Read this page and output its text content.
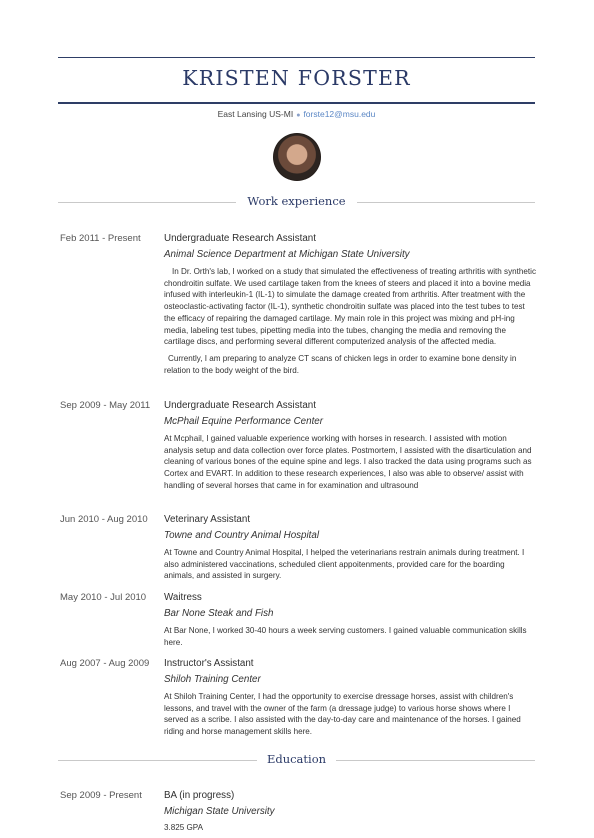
KRISTEN FORSTER
East Lansing US-MI ● forste12@msu.edu
Work experience
Feb 2011 - Present Undergraduate Research Assistant
Animal Science Department at Michigan State University

In Dr. Orth's lab, I worked on a study that simulated the effectiveness of treating arthritis with synthetic chondroitin sulfate. We used cartilage taken from the knees of steers and placed it into a bovine media infused with interleukin-1 (IL-1) to simulate the damage created from arthritis. After treatment with the osteoclastic-activating factor (IL-1), synthetic chondroitin sulfate was placed into the test tubes to test the efficacy of repairing the damaged cartilage. My main role in this project was mixing and pH-ing media, labeling test tubes, pipetting media into the tubes, changing the media and removing the cartilage discs, and performing several different computerized analysis of the affected media.

Currently, I am preparing to analyze CT scans of chicken legs in order to examine bone density in relation to the body weight of the bird.

Sep 2009 - May 2011 Undergraduate Research Assistant
McPhail Equine Performance Center

At Mcphail, I gained valuable experience working with horses in research. I assisted with motion analysis setup and data collection over force plates. Postmortem, I assisted with the disarticulation and cleaning of various bones of the equine spine and legs. I also tracked the data using programs such as Cortex and EVART. In addition to these research experiences, I also was able to observe/ assist with handling of several horses that came in for examination and ultrasound

Jun 2010 - Aug 2010 Veterinary Assistant
Towne and Country Animal Hospital

At Towne and Country Animal Hospital, I helped the veterinarians restrain animals during treatment. I also administered vaccinations, scheduled client appoitenments, provided care for the boarding animals, and assisted in surgery.

May 2010 - Jul 2010 Waitress
Bar None Steak and Fish

At Bar None, I worked 30-40 hours a week serving customers. I gained valuable communication skills here.

Aug 2007 - Aug 2009 Instructor's Assistant
Shiloh Training Center

At Shiloh Training Center, I had the opportunity to exercise dressage horses, assist with children's lessons, and travel with the owner of the farm (a dressage judge) to various horse shows where I served as a scribe. I also assisted with the day-to-day care and maintenance of the horses. I gained riding and horse management skills here.

Education
Sep 2009 - Present BA (in progress)
Michigan State University
3.825 GPA
